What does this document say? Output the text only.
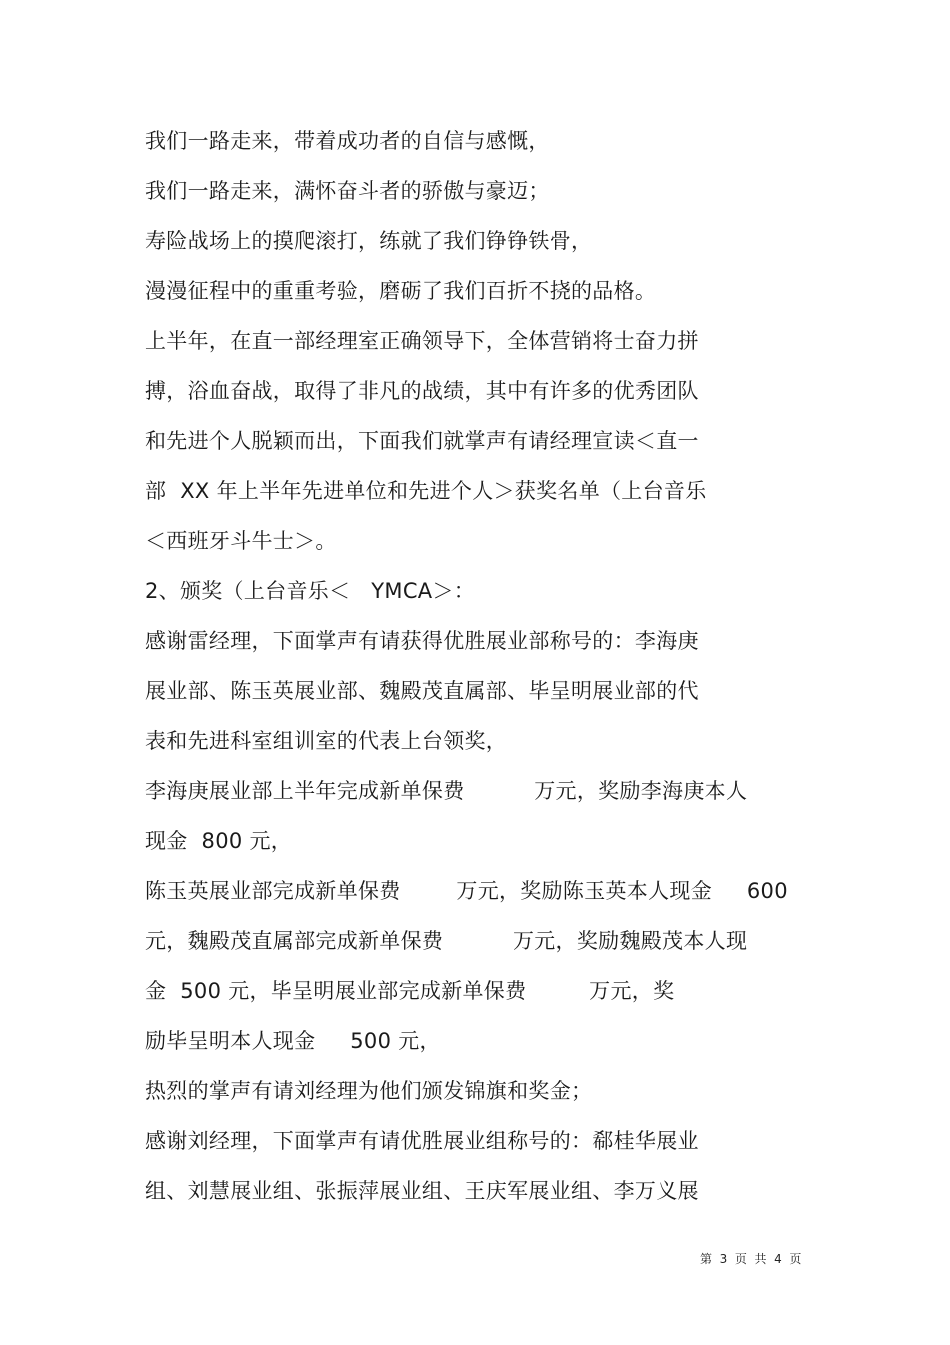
我们一路走来，带着成功者的自信与感慨，
我们一路走来，满怀奋斗者的骄傲与豪迈；
寿险战场上的摸爬滚打，练就了我们铮铮铁骨，
漫漫征程中的重重考验，磨砺了我们百折不挠的品格。
上半年，在直一部经理室正确领导下，全体营销将士奋力拼
搏，浴血奋战，取得了非凡的战绩，其中有许多的优秀团队
和先进个人脱颖而出，下面我们就掌声有请经理宣读＜直一
部  XX 年上半年先进单位和先进个人＞获奖名单（上台音乐
＜西班牙斗牛士＞。
2、颁奖（上台音乐＜   YMCA＞：
感谢雷经理，下面掌声有请获得优胜展业部称号的：李海庚
展业部、陈玉英展业部、魏殿茂直属部、毕呈明展业部的代
表和先进科室组训室的代表上台领奖，
李海庚展业部上半年完成新单保费          万元，奖励李海庚本人
现金  800 元，
陈玉英展业部完成新单保费        万元，奖励陈玉英本人现金     600
元，魏殿茂直属部完成新单保费          万元，奖励魏殿茂本人现
金  500 元，毕呈明展业部完成新单保费         万元，奖
励毕呈明本人现金     500 元，
热烈的掌声有请刘经理为他们颁发锦旗和奖金；
感谢刘经理，下面掌声有请优胜展业组称号的：郗桂华展业
组、刘慧展业组、张振萍展业组、王庆军展业组、李万义展
第  3  页  共  4  页
